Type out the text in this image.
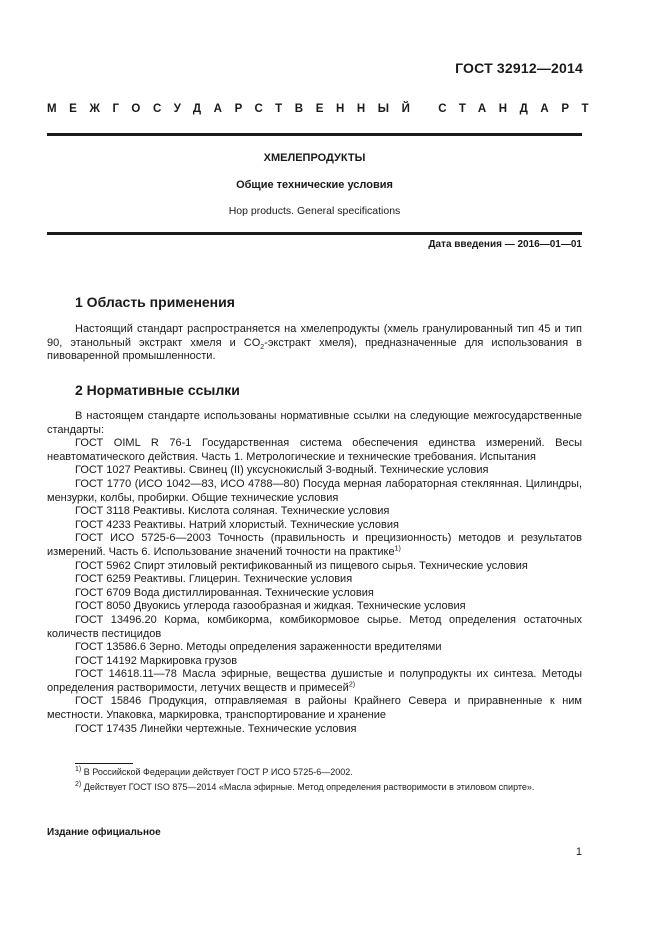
ГОСТ 32912—2014
МЕЖГОСУДАРСТВЕННЫЙ СТАНДАРТ
ХМЕЛЕПРОДУКТЫ
Общие технические условия
Hop products. General specifications
Дата введения — 2016—01—01
1 Область применения
Настоящий стандарт распространяется на хмелепродукты (хмель гранулированный тип 45 и тип 90, этанольный экстракт хмеля и $CO_2$-экстракт хмеля), предназначенные для использования в пивоваренной промышленности.
2 Нормативные ссылки
В настоящем стандарте использованы нормативные ссылки на следующие межгосударственные стандарты:
ГОСТ OIML R 76-1 Государственная система обеспечения единства измерений. Весы неавтоматического действия. Часть 1. Метрологические и технические требования. Испытания
ГОСТ 1027 Реактивы. Свинец (II) уксуснокислый 3-водный. Технические условия
ГОСТ 1770 (ИСО 1042—83, ИСО 4788—80) Посуда мерная лабораторная стеклянная. Цилиндры, мензурки, колбы, пробирки. Общие технические условия
ГОСТ 3118 Реактивы. Кислота соляная. Технические условия
ГОСТ 4233 Реактивы. Натрий хлористый. Технические условия
ГОСТ ИСО 5725-6—2003 Точность (правильность и прецизионность) методов и результатов измерений. Часть 6. Использование значений точности на практике$^{1)}$
ГОСТ 5962 Спирт этиловый ректификованный из пищевого сырья. Технические условия
ГОСТ 6259 Реактивы. Глицерин. Технические условия
ГОСТ 6709 Вода дистиллированная. Технические условия
ГОСТ 8050 Двуокись углерода газообразная и жидкая. Технические условия
ГОСТ 13496.20 Корма, комбикорма, комбикормовое сырье. Метод определения остаточных количеств пестицидов
ГОСТ 13586.6 Зерно. Методы определения зараженности вредителями
ГОСТ 14192 Маркировка грузов
ГОСТ 14618.11—78 Масла эфирные, вещества душистые и полупродукты их синтеза. Методы определения растворимости, летучих веществ и примесей$^{2)}$
ГОСТ 15846 Продукция, отправляемая в районы Крайнего Севера и приравненные к ним местности. Упаковка, маркировка, транспортирование и хранение
ГОСТ 17435 Линейки чертежные. Технические условия
$^{1)}$ В Российской Федерации действует ГОСТ Р ИСО 5725-6—2002.
$^{2)}$ Действует ГОСТ ISO 875—2014 «Масла эфирные. Метод определения растворимости в этиловом спирте».
Издание официальное
1
